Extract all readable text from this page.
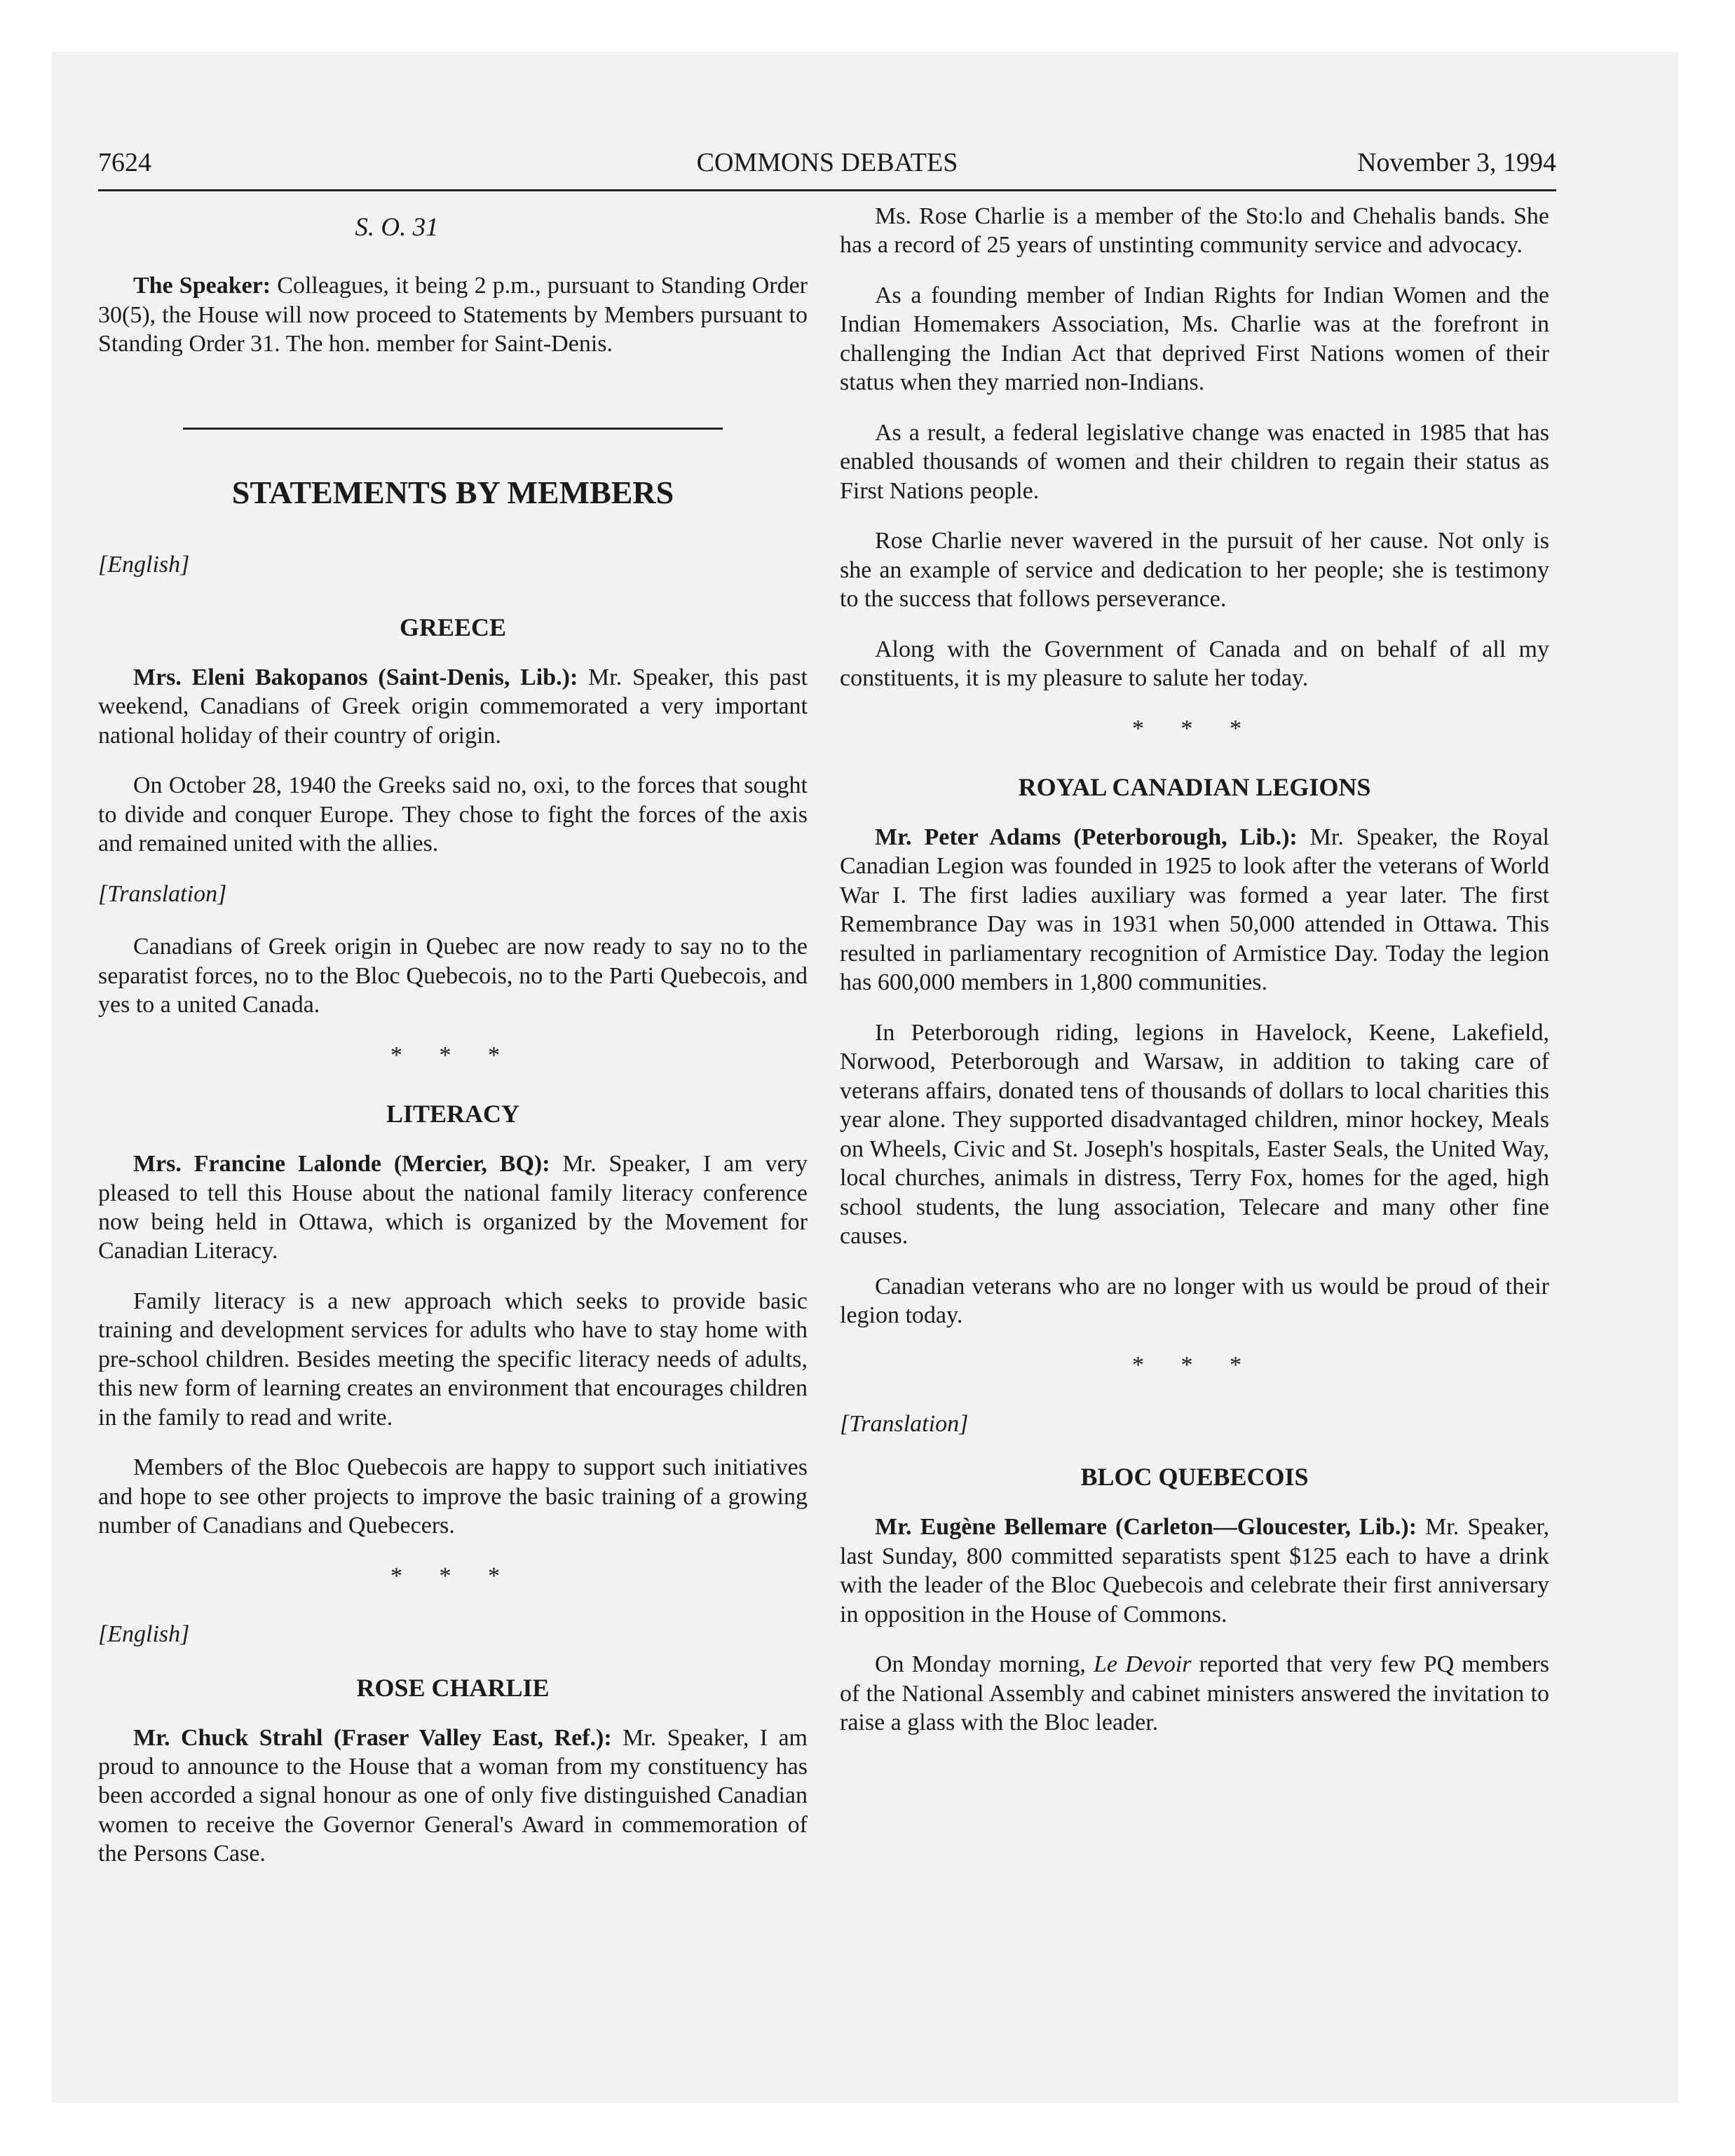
7624	COMMONS DEBATES	November 3, 1994
S. O. 31

The Speaker: Colleagues, it being 2 p.m., pursuant to Standing Order 30(5), the House will now proceed to Statements by Members pursuant to Standing Order 31. The hon. member for Saint-Denis.

STATEMENTS BY MEMBERS
[English]
GREECE

Mrs. Eleni Bakopanos (Saint-Denis, Lib.): Mr. Speaker, this past weekend, Canadians of Greek origin commemorated a very important national holiday of their country of origin.

On October 28, 1940 the Greeks said no, oxi, to the forces that sought to divide and conquer Europe. They chose to fight the forces of the axis and remained united with the allies.

[Translation]

Canadians of Greek origin in Quebec are now ready to say no to the separatist forces, no to the Bloc Quebecois, no to the Parti Quebecois, and yes to a united Canada.

* * *
LITERACY

Mrs. Francine Lalonde (Mercier, BQ): Mr. Speaker, I am very pleased to tell this House about the national family literacy conference now being held in Ottawa, which is organized by the Movement for Canadian Literacy.

Family literacy is a new approach which seeks to provide basic training and development services for adults who have to stay home with pre-school children. Besides meeting the specific literacy needs of adults, this new form of learning creates an environment that encourages children in the family to read and write.

Members of the Bloc Quebecois are happy to support such initiatives and hope to see other projects to improve the basic training of a growing number of Canadians and Quebecers.

* * *
[English]
ROSE CHARLIE

Mr. Chuck Strahl (Fraser Valley East, Ref.): Mr. Speaker, I am proud to announce to the House that a woman from my constituency has been accorded a signal honour as one of only five distinguished Canadian women to receive the Governor General's Award in commemoration of the Persons Case.

Ms. Rose Charlie is a member of the Sto:lo and Chehalis bands. She has a record of 25 years of unstinting community service and advocacy.

As a founding member of Indian Rights for Indian Women and the Indian Homemakers Association, Ms. Charlie was at the forefront in challenging the Indian Act that deprived First Nations women of their status when they married non-Indians.

As a result, a federal legislative change was enacted in 1985 that has enabled thousands of women and their children to regain their status as First Nations people.

Rose Charlie never wavered in the pursuit of her cause. Not only is she an example of service and dedication to her people; she is testimony to the success that follows perseverance.

Along with the Government of Canada and on behalf of all my constituents, it is my pleasure to salute her today.

* * *
ROYAL CANADIAN LEGIONS

Mr. Peter Adams (Peterborough, Lib.): Mr. Speaker, the Royal Canadian Legion was founded in 1925 to look after the veterans of World War I. The first ladies auxiliary was formed a year later. The first Remembrance Day was in 1931 when 50,000 attended in Ottawa. This resulted in parliamentary recognition of Armistice Day. Today the legion has 600,000 members in 1,800 communities.

In Peterborough riding, legions in Havelock, Keene, Lakefield, Norwood, Peterborough and Warsaw, in addition to taking care of veterans affairs, donated tens of thousands of dollars to local charities this year alone. They supported disadvantaged children, minor hockey, Meals on Wheels, Civic and St. Joseph's hospitals, Easter Seals, the United Way, local churches, animals in distress, Terry Fox, homes for the aged, high school students, the lung association, Telecare and many other fine causes.

Canadian veterans who are no longer with us would be proud of their legion today.

* * *
[Translation]
BLOC QUEBECOIS

Mr. Eugène Bellemare (Carleton—Gloucester, Lib.): Mr. Speaker, last Sunday, 800 committed separatists spent $125 each to have a drink with the leader of the Bloc Quebecois and celebrate their first anniversary in opposition in the House of Commons.

On Monday morning, Le Devoir reported that very few PQ members of the National Assembly and cabinet ministers answered the invitation to raise a glass with the Bloc leader.
